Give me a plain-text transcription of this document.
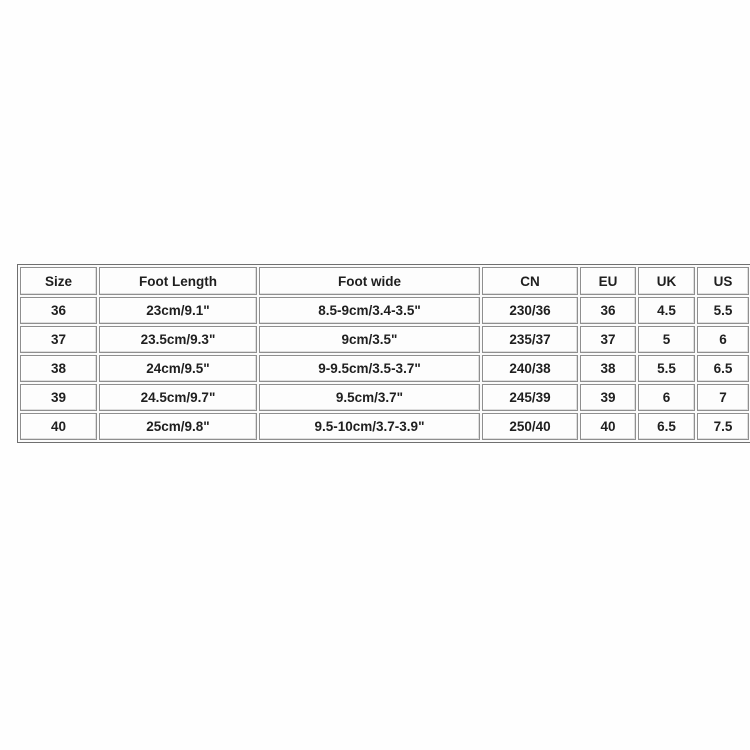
Size	Foot Length	Foot wide	CN	EU	UK	US
36	23cm/9.1"	8.5-9cm/3.4-3.5"	230/36	36	4.5	5.5
37	23.5cm/9.3"	9cm/3.5"	235/37	37	5	6
38	24cm/9.5"	9-9.5cm/3.5-3.7"	240/38	38	5.5	6.5
39	24.5cm/9.7"	9.5cm/3.7"	245/39	39	6	7
40	25cm/9.8"	9.5-10cm/3.7-3.9"	250/40	40	6.5	7.5
